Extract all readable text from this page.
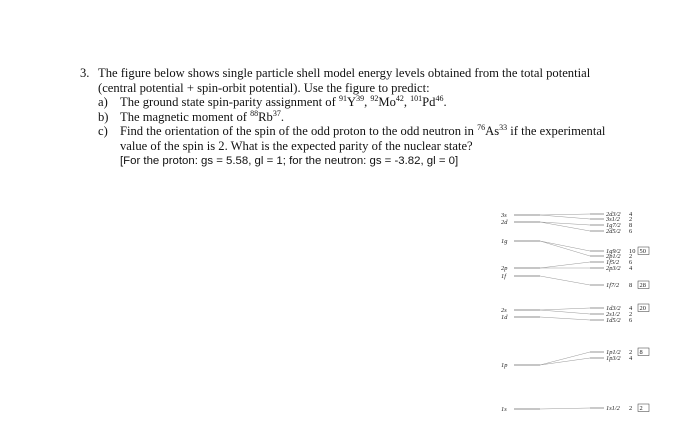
3. The figure below shows single particle shell model energy levels obtained from the total potential
(central potential + spin-orbit potential). Use the figure to predict:
a) The ground state spin-parity assignment of $^{91}Y^{39}$, $^{92}$Mo$^{42}$, $^{101}$Pd$^{46}$.
b) The magnetic moment of $^{88}$Rb$^{37}$.
c) Find the orientation of the spin of the odd proton to the odd neutron in $^{76}$As$^{33}$ if the experimental
value of the spin is 2. What is the expected parity of the nuclear state?
[For the proton: gs = 5.58, gl = 1; for the neutron: gs = -3.82, gl = 0]
3s
2d
1g
2p
1f
2s
1d
1p
1s
2d3/2 4
3s1/2 2
1g7/2 8
2d5/2 6
1g9/2 10 50
2p1/2 2
1f5/2 6
2p3/2 4
1f7/2 8 28
1d3/2 4 20
2s1/2 2
1d5/2 6
1p1/2 2 8
1p3/2 4
1s1/2 2 2
